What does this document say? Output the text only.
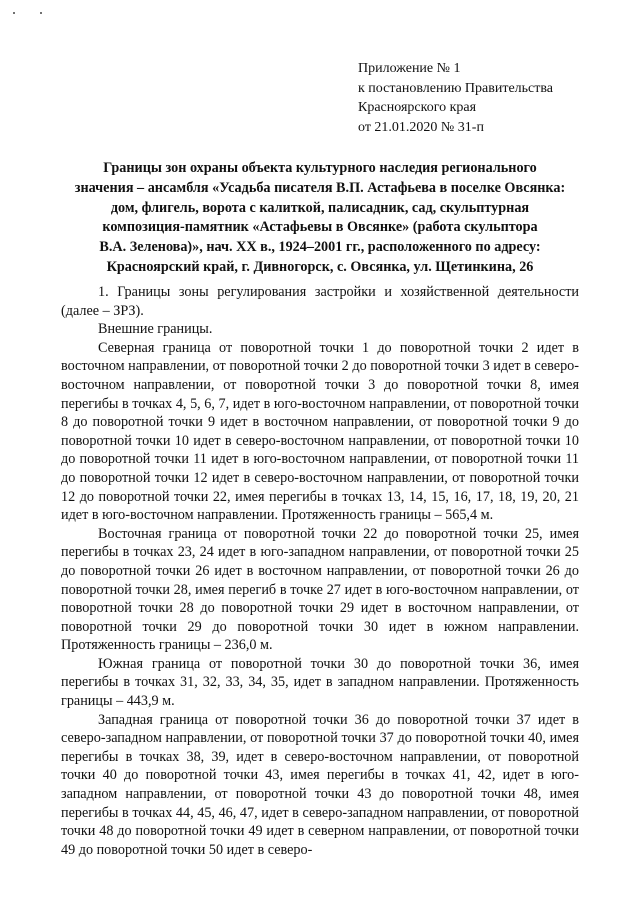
Приложение № 1
к постановлению Правительства
Красноярского края
от 21.01.2020 № 31-п
Границы зон охраны объекта культурного наследия регионального
значения – ансамбля «Усадьба писателя В.П. Астафьева в поселке Овсянка:
дом, флигель, ворота с калиткой, палисадник, сад, скульптурная
композиция-памятник «Астафьевы в Овсянке» (работа скульптора
В.А. Зеленова)», нач. XX в., 1924–2001 гг., расположенного по адресу:
Красноярский край, г. Дивногорск, с. Овсянка, ул. Щетинкина, 26

1. Границы зоны регулирования застройки и хозяйственной деятельности (далее – ЗРЗ).

Внешние границы.

Северная граница от поворотной точки 1 до поворотной точки 2 идет в восточном направлении, от поворотной точки 2 до поворотной точки 3 идет в северо-восточном направлении, от поворотной точки 3 до поворотной точки 8, имея перегибы в точках 4, 5, 6, 7, идет в юго-восточном направлении, от поворотной точки 8 до поворотной точки 9 идет в восточном направлении, от поворотной точки 9 до поворотной точки 10 идет в северо-восточном направлении, от поворотной точки 10 до поворотной точки 11 идет в юго-восточном направлении, от поворотной точки 11 до поворотной точки 12 идет в северо-восточном направлении, от поворотной точки 12 до поворотной точки 22, имея перегибы в точках 13, 14, 15, 16, 17, 18, 19, 20, 21 идет в юго-восточном направлении. Протяженность границы – 565,4 м.

Восточная граница от поворотной точки 22 до поворотной точки 25, имея перегибы в точках 23, 24 идет в юго-западном направлении, от поворотной точки 25 до поворотной точки 26 идет в восточном направлении, от поворотной точки 26 до поворотной точки 28, имея перегиб в точке 27 идет в юго-восточном направлении, от поворотной точки 28 до поворотной точки 29 идет в восточном направлении, от поворотной точки 29 до поворотной точки 30 идет в южном направлении. Протяженность границы – 236,0 м.

Южная граница от поворотной точки 30 до поворотной точки 36, имея перегибы в точках 31, 32, 33, 34, 35, идет в западном направлении. Протяженность границы – 443,9 м.

Западная граница от поворотной точки 36 до поворотной точки 37 идет в северо-западном направлении, от поворотной точки 37 до поворотной точки 40, имея перегибы в точках 38, 39, идет в северо-восточном направлении, от поворотной точки 40 до поворотной точки 43, имея перегибы в точках 41, 42, идет в юго-западном направлении, от поворотной точки 43 до поворотной точки 48, имея перегибы в точках 44, 45, 46, 47, идет в северо-западном направлении, от поворотной точки 48 до поворотной точки 49 идет в северном направлении, от поворотной точки 49 до поворотной точки 50 идет в северо-
